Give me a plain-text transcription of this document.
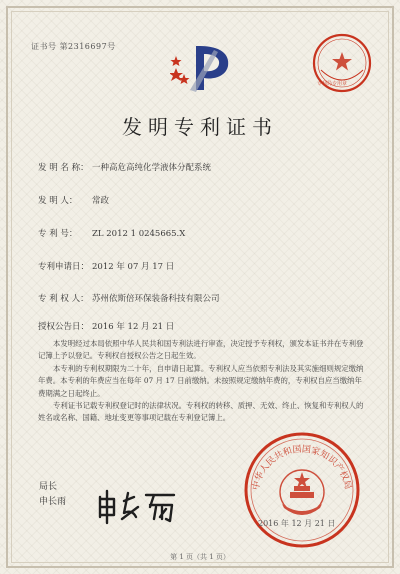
证书号 第2316697号
专利局专用章
发明专利证书
发 明 名 称： 一种高危高纯化学液体分配系统
发 明 人： 常政
专 利 号： ZL 2012 1 0245665.X
专利申请日： 2012 年 07 月 17 日
专 利 权 人： 苏州依斯倍环保装备科技有限公司
授权公告日： 2016 年 12 月 21 日

本发明经过本局依照中华人民共和国专利法进行审查，决定授予专利权，颁发本证书并在专利登记簿上予以登记。专利权自授权公告之日起生效。

本专利的专利权期限为二十年，自申请日起算。专利权人应当依照专利法及其实施细则规定缴纳年费。本专利的年费应当在每年 07 月 17 日前缴纳。未按照规定缴纳年费的，专利权自应当缴纳年费期满之日起终止。

专利证书记载专利权登记时的法律状况。专利权的转移、质押、无效、终止、恢复和专利权人的姓名或名称、国籍、地址变更等事项记载在专利登记簿上。

局长
申长雨
中华人民共和国国家知识产权局
2016 年 12 月 21 日
第 1 页（共 1 页）
